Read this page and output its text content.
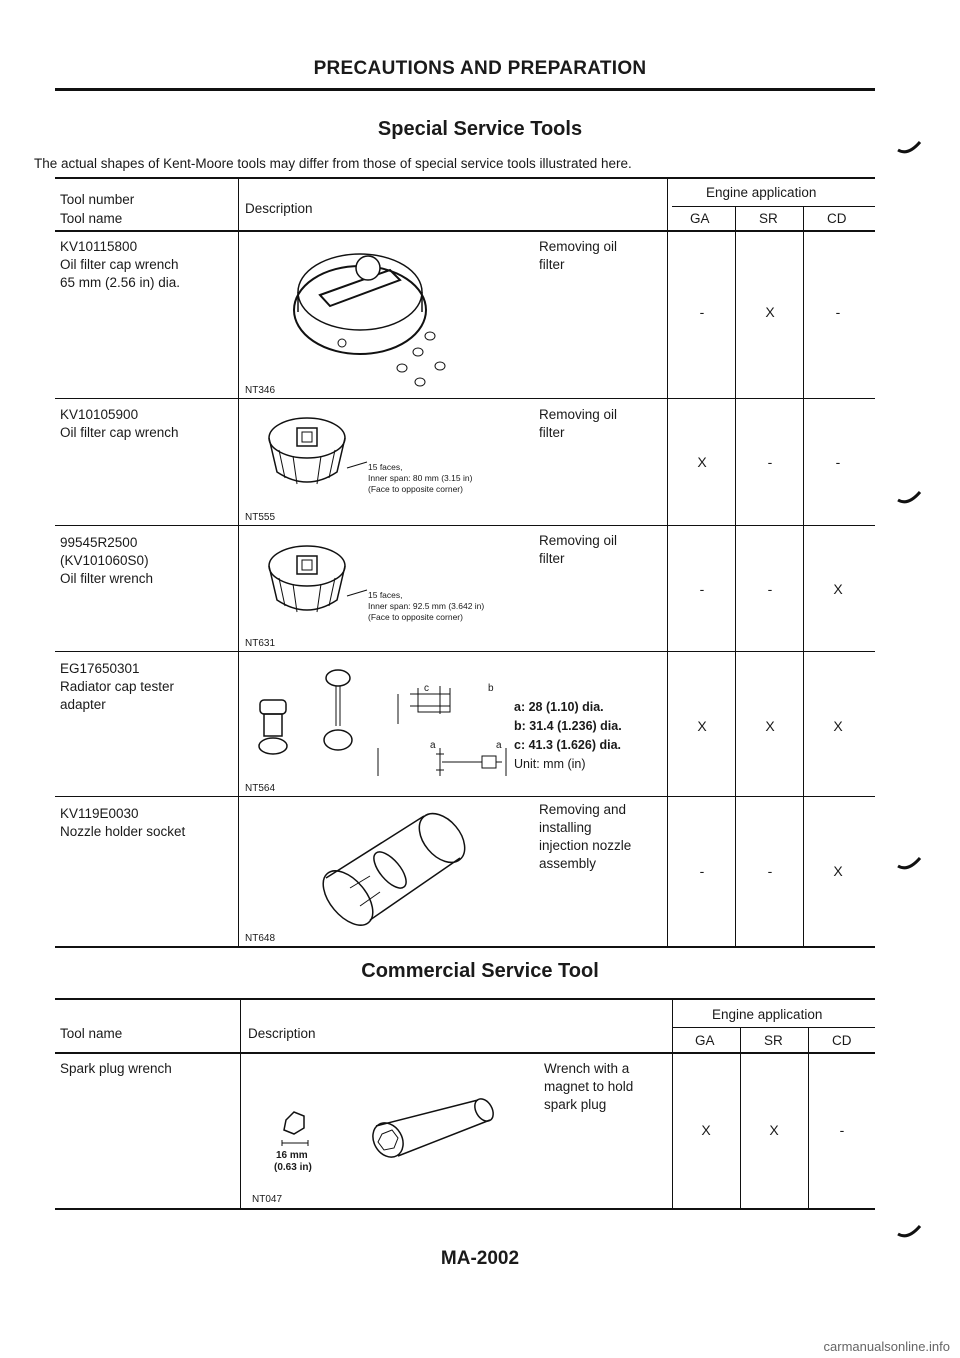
PRECAUTIONS AND PREPARATION
Special Service Tools
The actual shapes of Kent-Moore tools may differ from those of special service tools illustrated here.
Tool number
Tool name
Description
Engine application
GA	SR	CD
KV10115800
Oil filter cap wrench
65 mm (2.56 in) dia.
Removing oil
filter
NT346
-	X	-
KV10105900
Oil filter cap wrench
Removing oil
filter
15 faces,
Inner span: 80 mm (3.15 in)
(Face to opposite corner)
NT555
X	-	-
99545R2500
(KV101060S0)
Oil filter wrench
Removing oil
filter
15 faces,
Inner span: 92.5 mm (3.642 in)
(Face to opposite corner)
NT631
-	-	X
EG17650301
Radiator cap tester
adapter	a: 28 (1.10) dia.
b: 31.4 (1.236) dia.
c: 41.3 (1.626) dia.
Unit: mm (in)
a
b
c
a
NT564
X	X	X
KV119E0030
Nozzle holder socket
Removing and
installing
injection nozzle
assembly
NT648
-	-	X
Commercial Service Tool
Tool name	Description
Engine application
GA	SR	CD
Spark plug wrench	Wrench with a
magnet to hold
spark plug
16 mm
(0.63 in)
NT047
X	X	-
MA-2002
carmanualsonline.info
